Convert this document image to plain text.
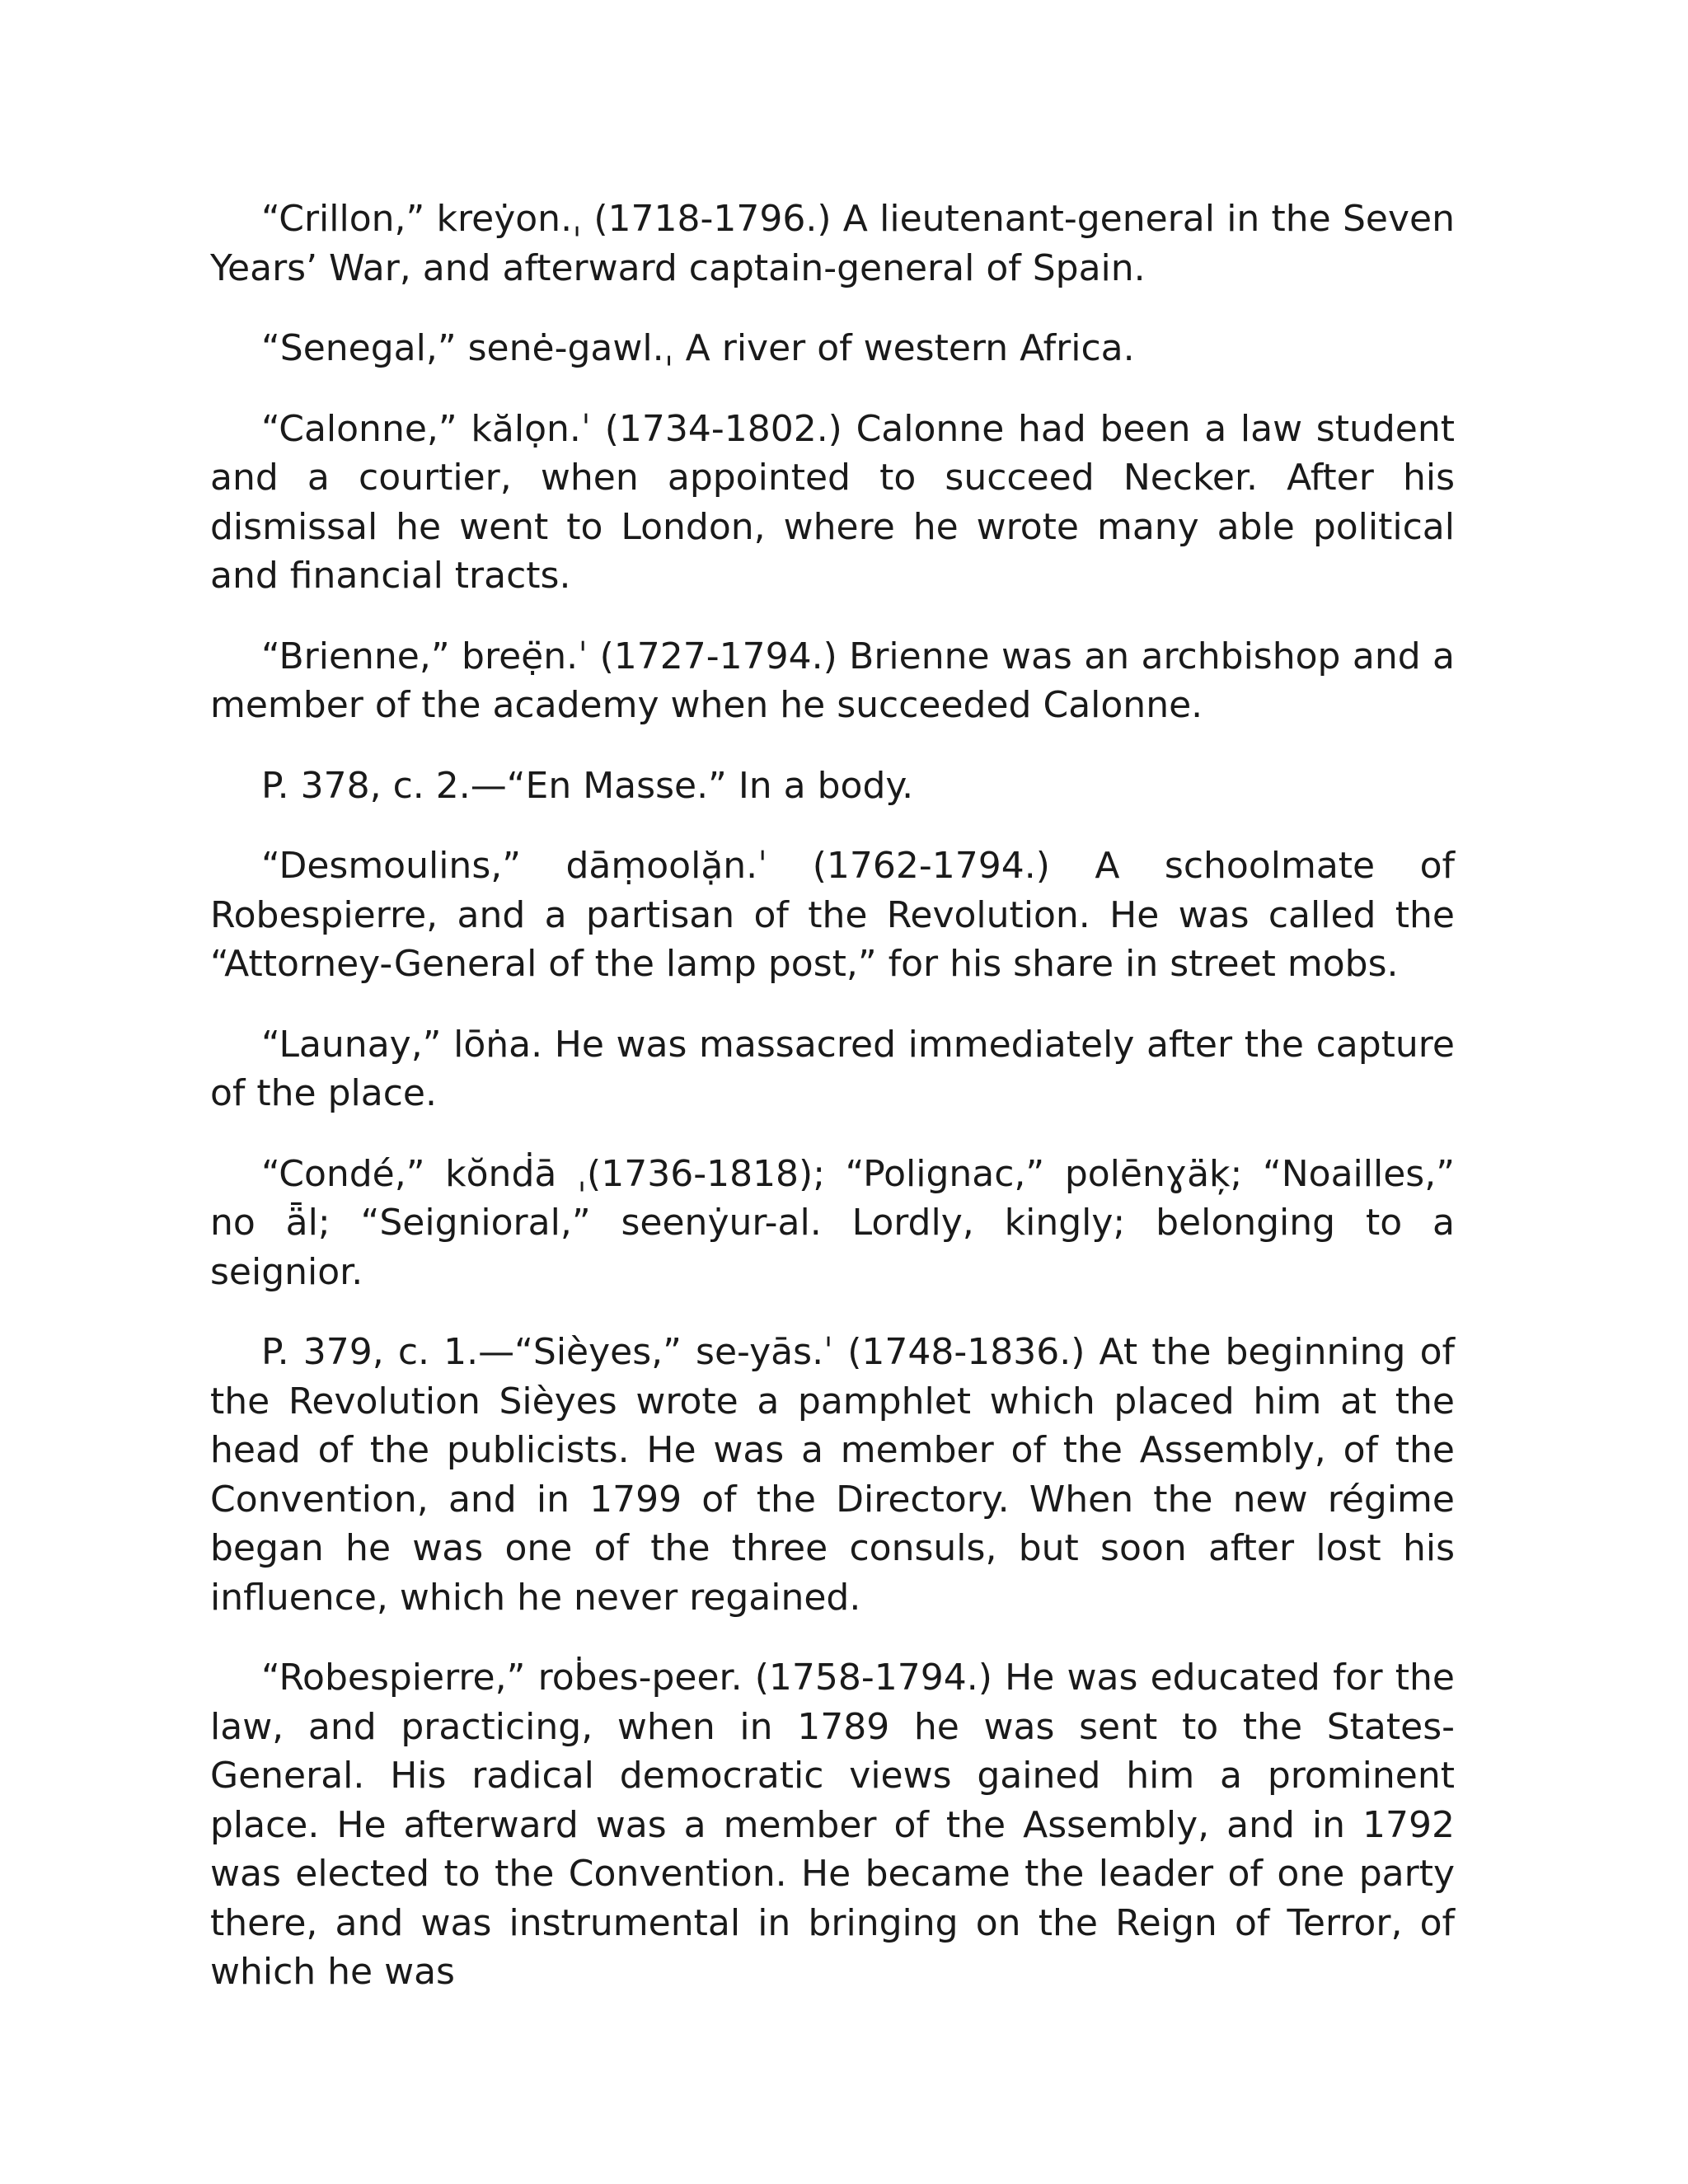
“Crillon,” kreẏon.ˌ (1718-1796.) A lieutenant-general in the Seven Years’ War, and afterward captain-general of Spain.

“Senegal,” senė-gawl.ˌ A river of western Africa.

“Calonne,” kălọn.ˈ (1734-1802.) Calonne had been a law student and a courtier, when appointed to succeed Necker. After his dismissal he went to London, where he wrote many able political and financial tracts.

“Brienne,” breẹ̈n.ˈ (1727-1794.) Brienne was an archbishop and a member of the academy when he succeeded Calonne.

P. 378, c. 2.—“En Masse.” In a body.

“Desmoulins,” dāṃoolặn.ˈ (1762-1794.) A schoolmate of Robespierre, and a partisan of the Revolution. He was called the “Attorney-General of the lamp post,” for his share in street mobs.

“Launay,” lōṅa. He was massacred immediately after the capture of the place.

“Condé,” kŏnḋā ˌ(1736-1818); “Polignac,” polēnɣäķ; “Noailles,” no ǟl; “Seignioral,” seenẏur-al. Lordly, kingly; belonging to a seignior.

P. 379, c. 1.—“Sièyes,” se-yās.ˈ (1748-1836.) At the beginning of the Revolution Sièyes wrote a pamphlet which placed him at the head of the publicists. He was a member of the Assembly, of the Convention, and in 1799 of the Directory. When the new régime began he was one of the three consuls, but soon after lost his influence, which he never regained.

“Robespierre,” roḃes-peer. (1758-1794.) He was educated for the law, and practicing, when in 1789 he was sent to the States-General. His radical democratic views gained him a prominent place. He afterward was a member of the Assembly, and in 1792 was elected to the Convention. He became the leader of one party there, and was instrumental in bringing on the Reign of Terror, of which he was
